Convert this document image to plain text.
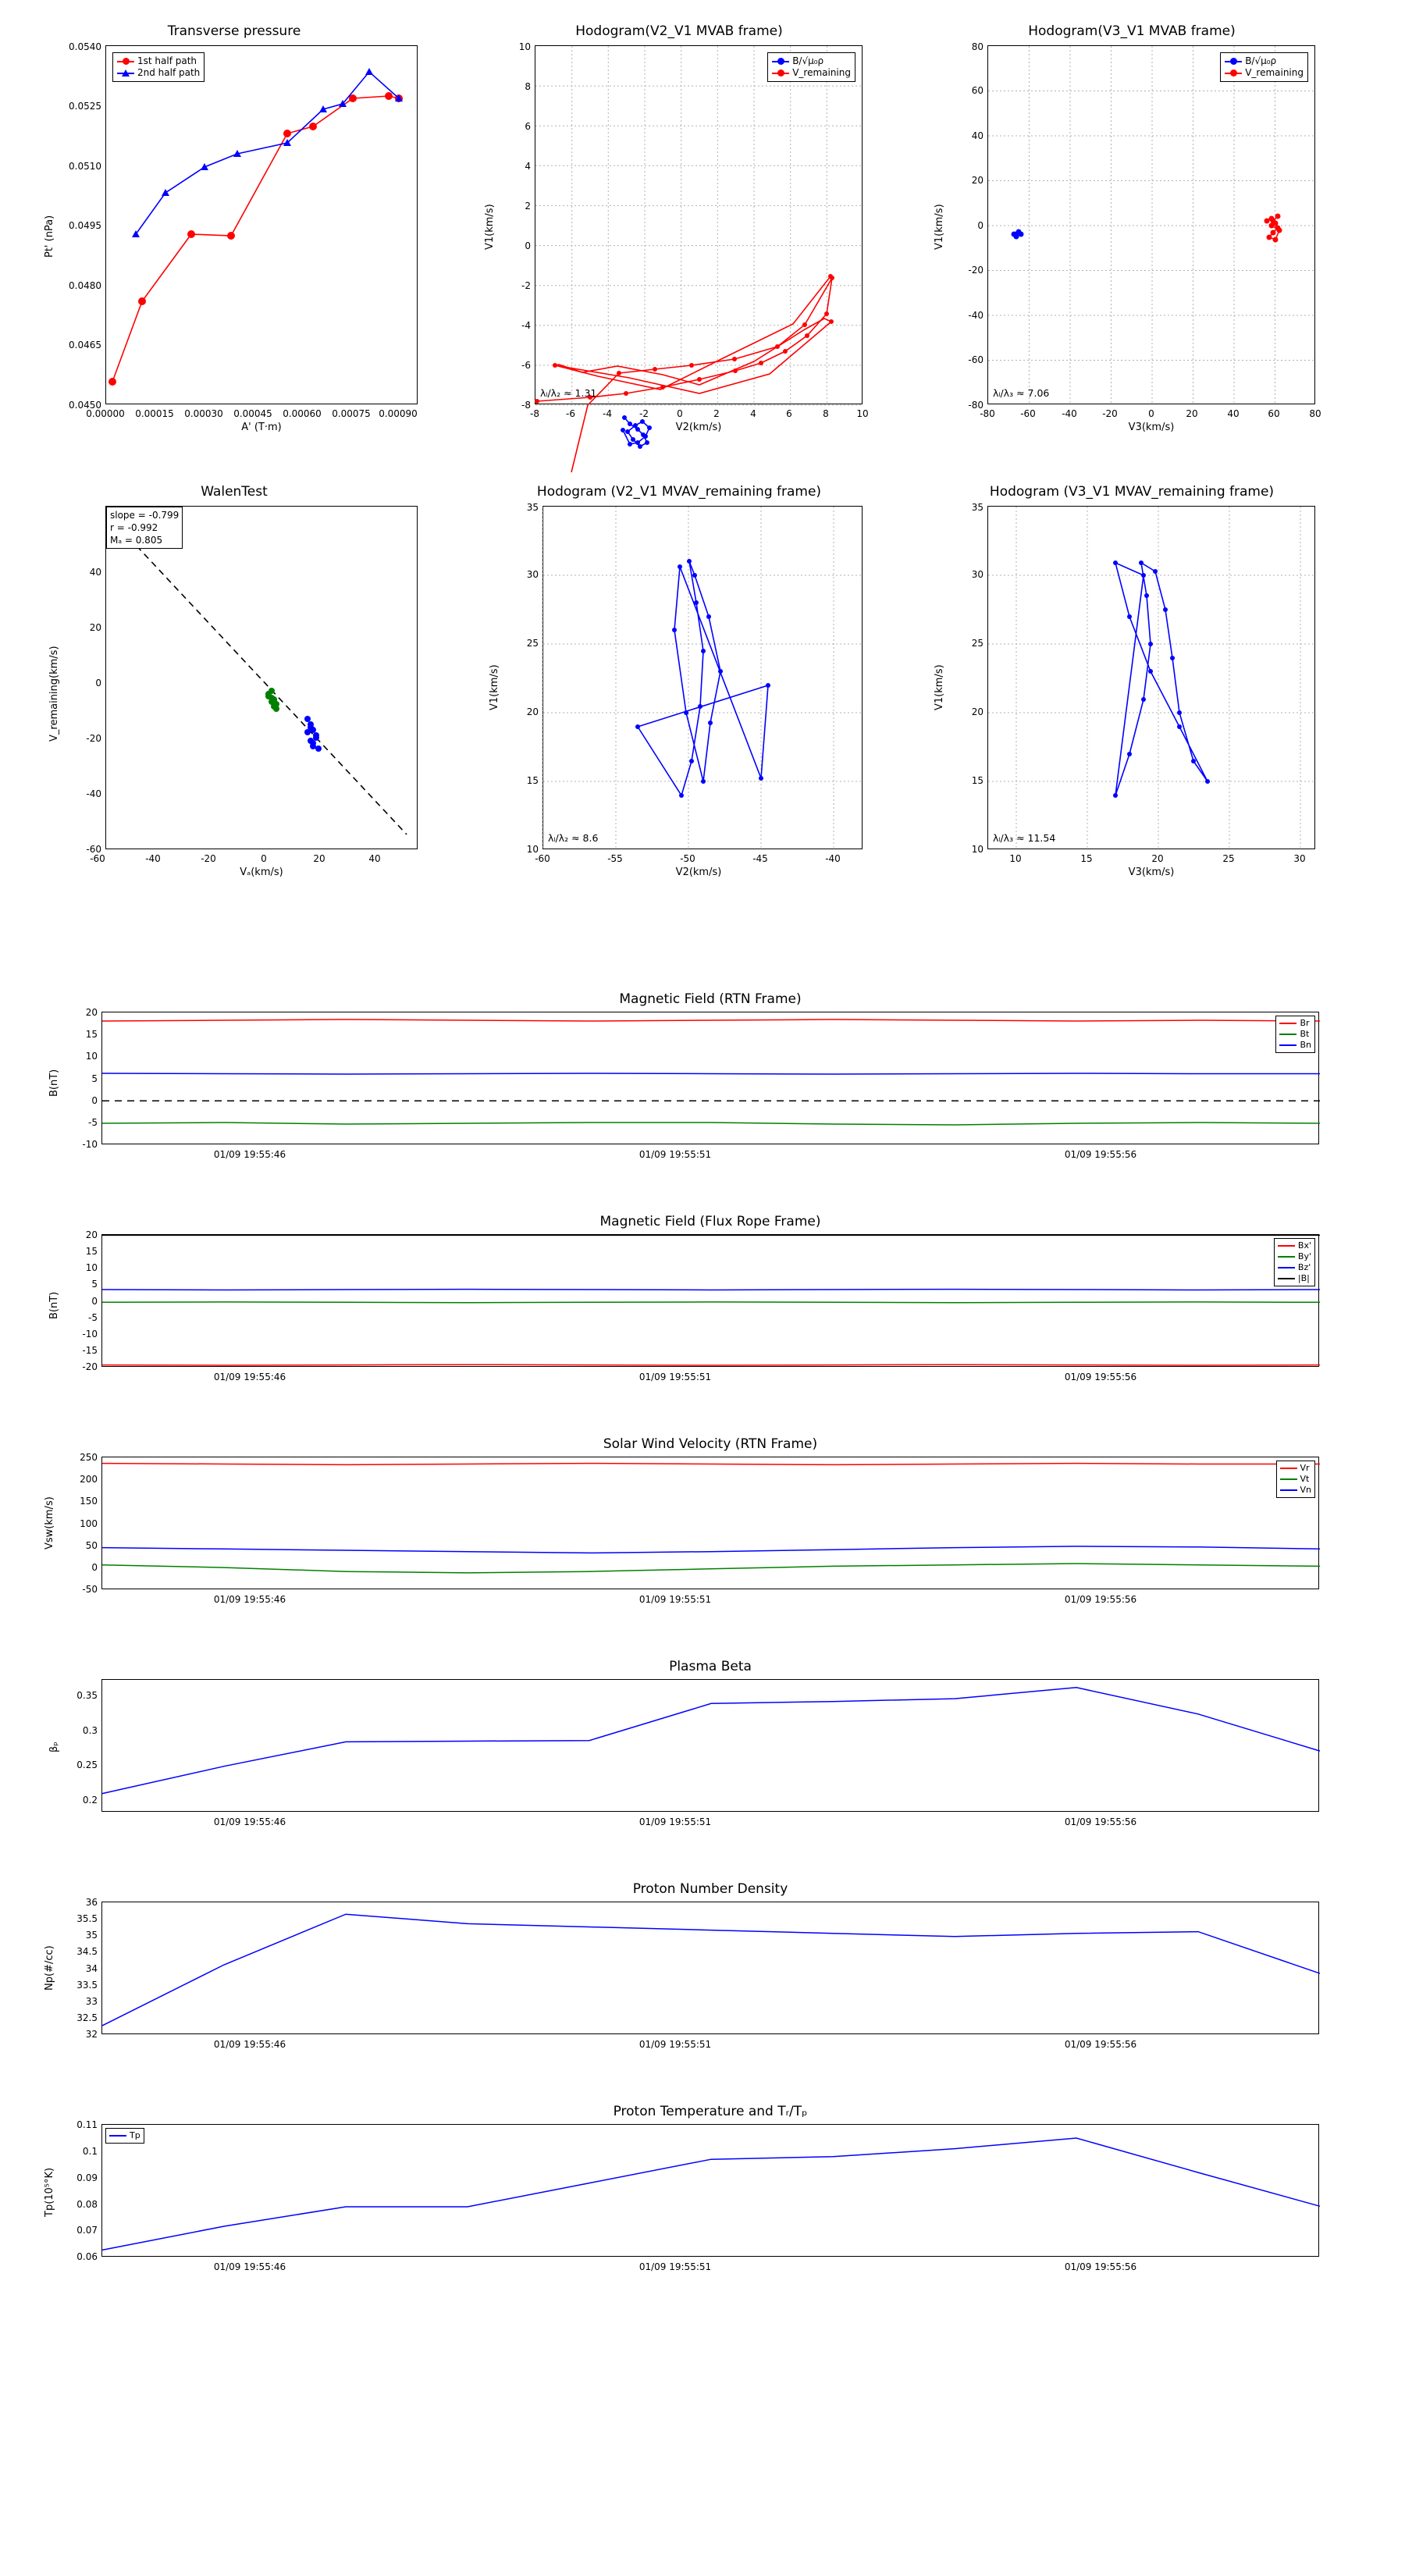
Transverse pressure
1st half path
2nd half path
0.0450
0.0465
0.0480
0.0495
0.0510
0.0525
0.0540
0.00000	0.00015	0.00030	0.00045	0.00060	0.00075 0.00090
A' (T·m)
Pt' (nPa)
Hodogram(V2_V1 MVAB frame)
B/√μ₀ρ
V_remaining
λₗ/λ₂ ≈ 1.31
-8
-6
-4
-2
0
2
4
6
8
10
-8	-6	-4	-2	0	2	4	6	8	10
V2(km/s)
V1(km/s)
Hodogram(V3_V1 MVAB frame)
B/√μ₀ρ
V_remaining
λₗ/λ₃ ≈ 7.06
-80
-60
-40
-20
0
20
40
60
80
-80	-60	-40	-20	0	20	40	60	80
V3(km/s)
V1(km/s)
WalenTest
slope = -0.799
r = -0.992
Mₐ = 0.805
-60
-40
-20
0
20
40
-60	-40	-20	0	20	40
Vₐ(km/s)
V_remaining(km/s)
Hodogram (V2_V1 MVAV_remaining frame)
λₗ/λ₂ ≈ 8.6
10
15
20
25
30
35
-60	-55	-50	-45	-40
V2(km/s)
V1(km/s)
Hodogram (V3_V1 MVAV_remaining frame)
λₗ/λ₃ ≈ 11.54
10
15
20
25
30
35
10	15	20	25	30
V3(km/s)
V1(km/s)
Magnetic Field (RTN Frame)
Br
Bt
Bn
20
15
10
5
0
-5
-10
01/09 19:55:46	01/09 19:55:51	01/09 19:55:56
B(nT)
Magnetic Field (Flux Rope Frame)
Bx'
By'
Bz'
|B|
20
15
10
5
0
-5
-10
-15
-20
01/09 19:55:46	01/09 19:55:51	01/09 19:55:56
B(nT)
Solar Wind Velocity (RTN Frame)
Vr
Vt
Vn
250
200
150
100
50
0
-50
01/09 19:55:46	01/09 19:55:51	01/09 19:55:56
Vsw(km/s)
Plasma Beta
0.2
0.25
0.3
0.35
01/09 19:55:46	01/09 19:55:51	01/09 19:55:56
βₚ
Proton Number Density
32
32.5
33
33.5
34
34.5
35
35.5
36
01/09 19:55:46	01/09 19:55:51	01/09 19:55:56
Np(#/cc)
Proton Temperature and Tᵣ/Tₚ
Tp
0.06
0.07
0.08
0.09
0.1
0.11
01/09 19:55:46	01/09 19:55:51	01/09 19:55:56
Tp(10⁵°K)
